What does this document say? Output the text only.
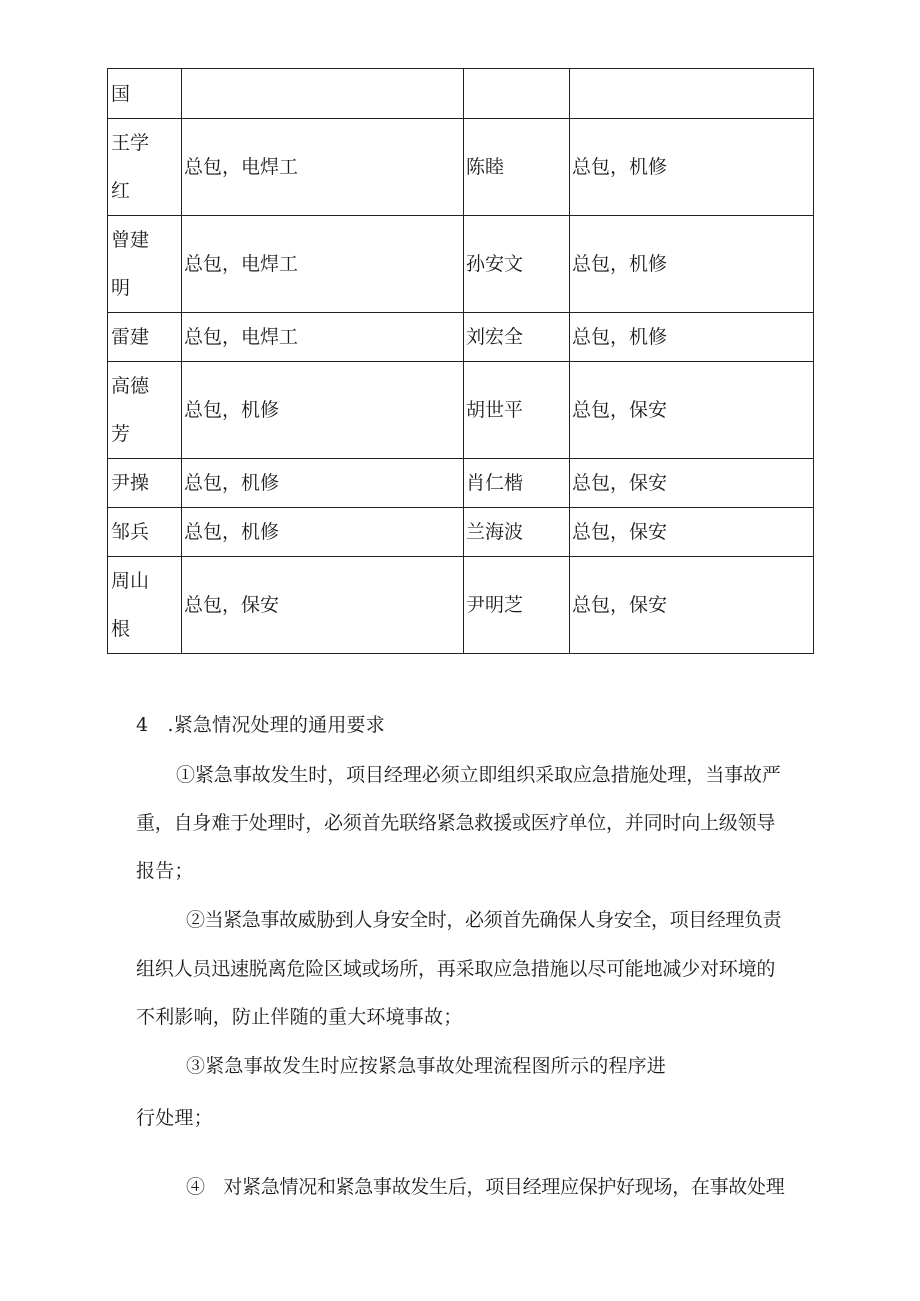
国			

王学红	总包，电焊工	陈睦	总包，机修

曾建明	总包，电焊工	孙安文	总包，机修

雷建	总包，电焊工	刘宏全	总包，机修

高德芳	总包，机修	胡世平	总包，保安

尹操	总包，机修	肖仁楷	总包，保安

邹兵	总包，机修	兰海波	总包，保安

周山根	总包，保安	尹明芝	总包，保安
4　.紧急情况处理的通用要求
①紧急事故发生时，项目经理必须立即组织采取应急措施处理，当事故严
重，自身难于处理时，必须首先联络紧急救援或医疗单位，并同时向上级领导
报告；
②当紧急事故威胁到人身安全时，必须首先确保人身安全，项目经理负责
组织人员迅速脱离危险区域或场所，再采取应急措施以尽可能地减少对环境的
不利影响，防止伴随的重大环境事故；
③紧急事故发生时应按紧急事故处理流程图所示的程序进
行处理；
④　对紧急情况和紧急事故发生后，项目经理应保护好现场，在事故处理
